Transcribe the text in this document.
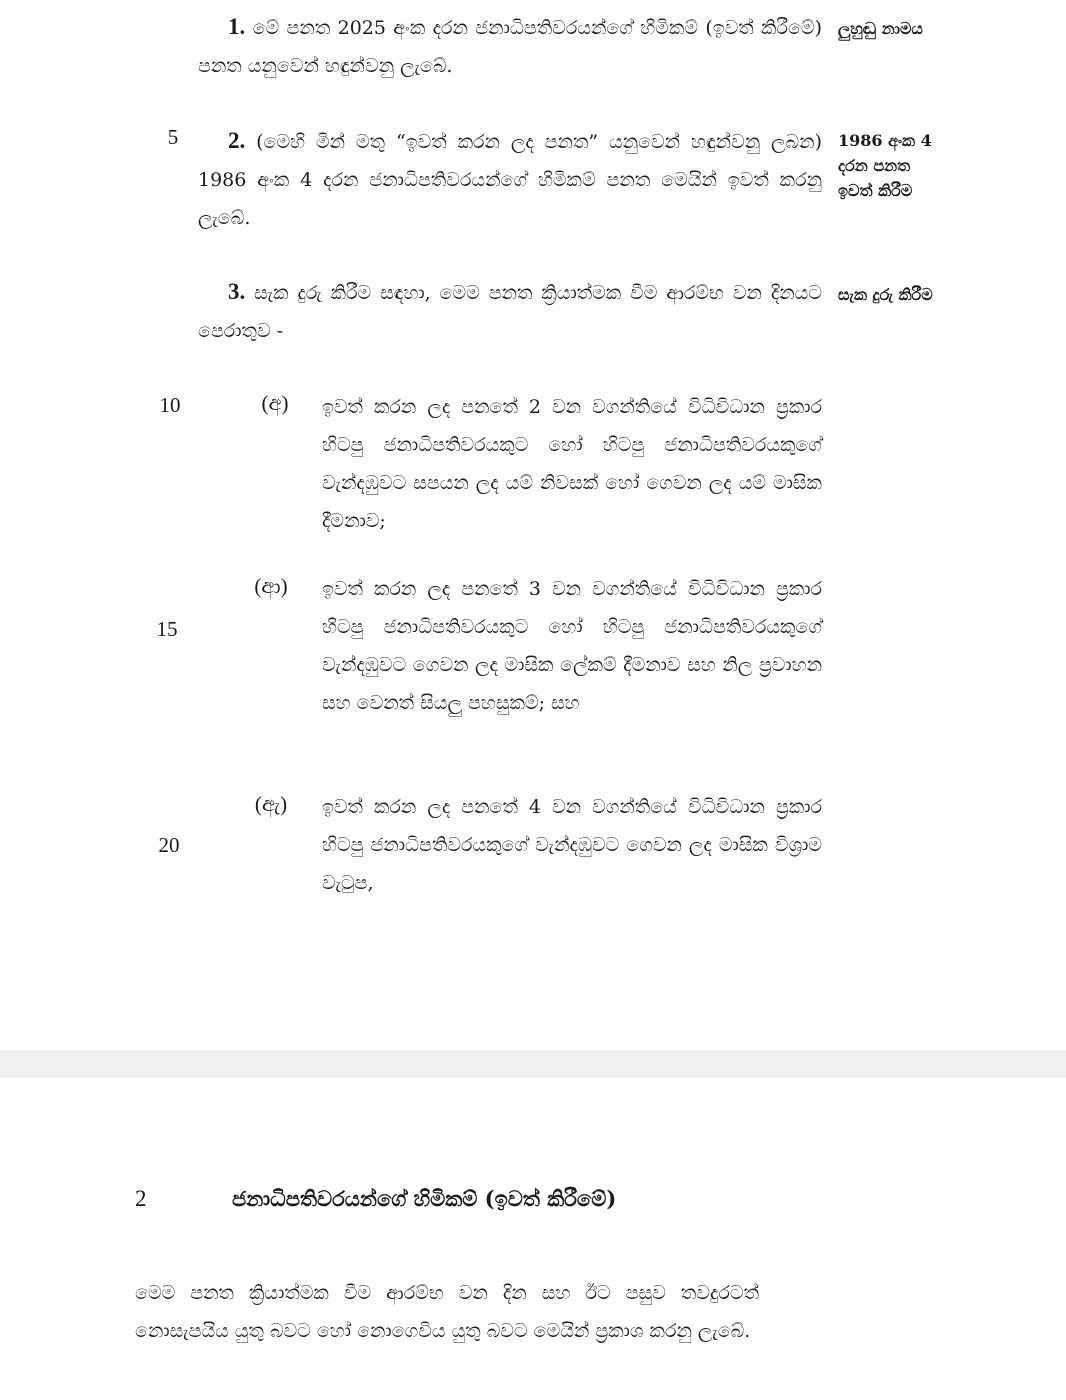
1. මේ පනත 2025 අංක දරන ජනාධිපතිවරයන්ගේ හිමිකම් (ඉවත් කිරීමේ) පනත යනුවෙන් හඳුන්වනු ලැබේ.
ලුහුඬු නාමය
5	2. (මෙහි මින් මතු “ඉවත් කරන ලද පනත” යනුවෙන් හඳුන්වනු ලබන) 1986 අංක 4 දරන ජනාධිපතිවරයන්ගේ හිමිකම් පනත මෙයින් ඉවත් කරනු ලැබේ.
1986 අංක 4 දරන පනත ඉවත් කිරීම
3. සැක දුරු කිරීම සඳහා, මෙම පනත ක්‍රියාත්මක වීම ආරම්භ වන දිනයට පෙරාතුව -
සැක දුරු කිරීම
10	(අ)	ඉවත් කරන ලද පනතේ 2 වන වගන්තියේ විධිවිධාන ප්‍රකාර හිටපු ජනාධිපතිවරයකුට හෝ හිටපු ජනාධිපතිවරයකුගේ වැන්දඹුවට සපයන ලද යම් නිවසක් හෝ ගෙවන ලද යම් මාසික දීමනාව;
(ආ)
15
ඉවත් කරන ලද පනතේ 3 වන වගන්තියේ විධිවිධාන ප්‍රකාර හිටපු ජනාධිපතිවරයකුට හෝ හිටපු ජනාධිපතිවරයකුගේ වැන්දඹුවට ගෙවන ලද මාසික ලේකම් දීමනාව සහ නිල ප්‍රවාහන සහ වෙනත් සියලු පහසුකම්; සහ
(ඇ)
20
ඉවත් කරන ලද පනතේ 4 වන වගන්තියේ විධිවිධාන ප්‍රකාර හිටපු ජනාධිපතිවරයකුගේ වැන්දඹුවට ගෙවන ලද මාසික විශ්‍රාම වැටුප,
2	ජනාධිපතිවරයන්ගේ හිමිකම් (ඉවත් කිරීමේ)
මෙම පනත ක්‍රියාත්මක වීම ආරම්භ වන දින සහ ඊට පසුව තවදුරටත් නොසැපයිය යුතු බවට හෝ නොගෙවිය යුතු බවට මෙයින් ප්‍රකාශ කරනු ලැබේ.
